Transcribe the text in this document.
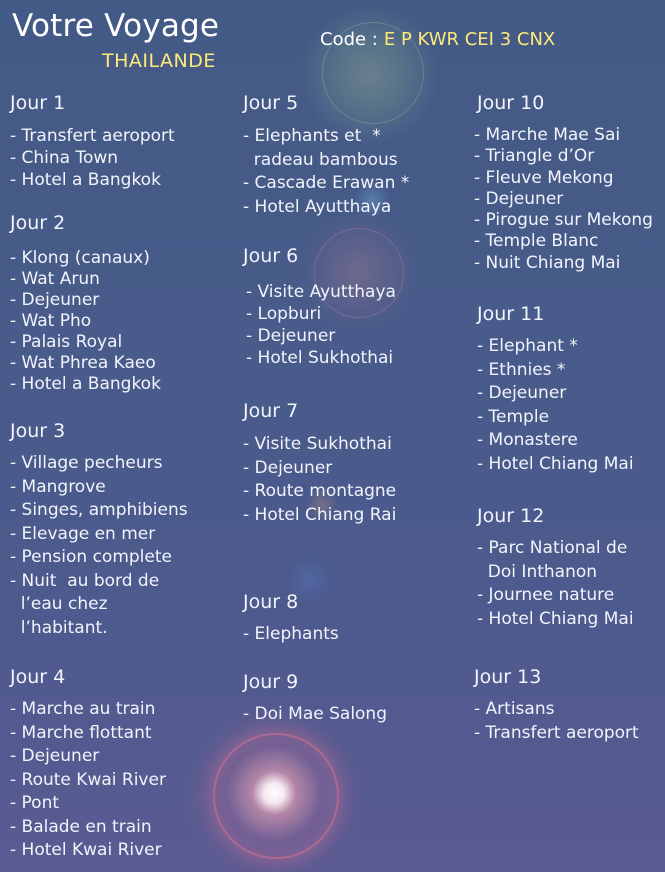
Votre Voyage
THAILANDE
Code : E P KWR CEI 3 CNX
Jour 1
- Transfert aeroport
- China Town
- Hotel a Bangkok
Jour 2
- Klong (canaux)
- Wat Arun
- Dejeuner
- Wat Pho
- Palais Royal
- Wat Phrea Kaeo
- Hotel a Bangkok
Jour 3
- Village pecheurs
- Mangrove
- Singes, amphibiens
- Elevage en mer
- Pension complete
- Nuit  au bord de
l’eau chez
l’habitant.
Jour 4
- Marche au train
- Marche flottant
- Dejeuner
- Route Kwai River
- Pont
- Balade en train
- Hotel Kwai River
Jour 5
- Elephants et  *
radeau bambous
- Cascade Erawan *
- Hotel Ayutthaya
Jour 6
- Visite Ayutthaya
- Lopburi
- Dejeuner
- Hotel Sukhothai
Jour 7
- Visite Sukhothai
- Dejeuner
- Route montagne
- Hotel Chiang Rai
Jour 8
- Elephants
Jour 9
- Doi Mae Salong
Jour 10
- Marche Mae Sai
- Triangle d’Or
- Fleuve Mekong
- Dejeuner
- Pirogue sur Mekong
- Temple Blanc
- Nuit Chiang Mai
Jour 11
- Elephant *
- Ethnies *
- Dejeuner
- Temple
- Monastere
- Hotel Chiang Mai
Jour 12
- Parc National de
Doi Inthanon
- Journee nature
- Hotel Chiang Mai
Jour 13
- Artisans
- Transfert aeroport
